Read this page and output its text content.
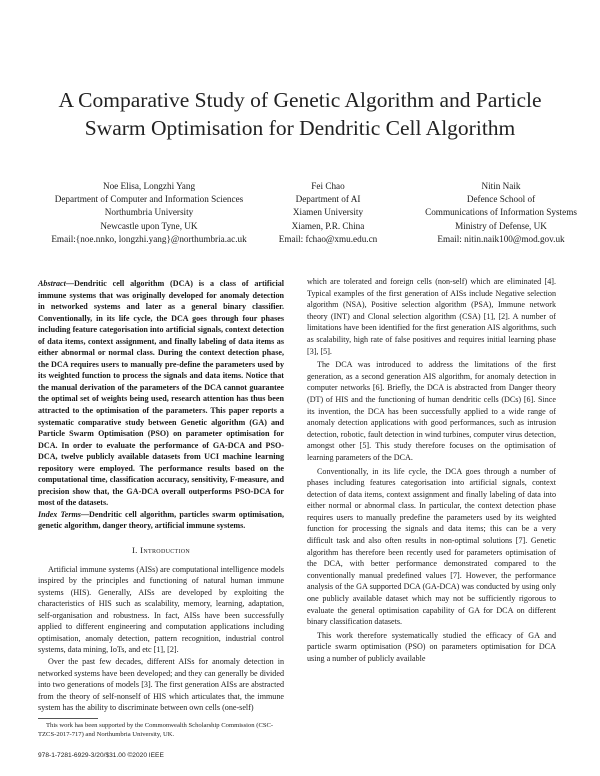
A Comparative Study of Genetic Algorithm and Particle Swarm Optimisation for Dendritic Cell Algorithm
Noe Elisa, Longzhi Yang
Department of Computer and Information Sciences
Northumbria University
Newcastle upon Tyne, UK
Email:{noe.nnko, longzhi.yang}@northumbria.ac.uk
Fei Chao
Department of AI
Xiamen University
Xiamen, P.R. China
Email: fchao@xmu.edu.cn
Nitin Naik
Defence School of
Communications of Information Systems
Ministry of Defense, UK
Email: nitin.naik100@mod.gov.uk
Abstract—Dendritic cell algorithm (DCA) is a class of artificial immune systems that was originally developed for anomaly detection in networked systems and later as a general binary classifier. Conventionally, in its life cycle, the DCA goes through four phases including feature categorisation into artificial signals, context detection of data items, context assignment, and finally labeling of data items as either abnormal or normal class. During the context detection phase, the DCA requires users to manually pre-define the parameters used by its weighted function to process the signals and data items. Notice that the manual derivation of the parameters of the DCA cannot guarantee the optimal set of weights being used, research attention has thus been attracted to the optimisation of the parameters. This paper reports a systematic comparative study between Genetic algorithm (GA) and Particle Swarm Optimisation (PSO) on parameter optimisation for DCA. In order to evaluate the performance of GA-DCA and PSO-DCA, twelve publicly available datasets from UCI machine learning repository were employed. The performance results based on the computational time, classification accuracy, sensitivity, F-measure, and precision show that, the GA-DCA overall outperforms PSO-DCA for most of the datasets.
Index Terms—Dendritic cell algorithm, particles swarm optimisation, genetic algorithm, danger theory, artificial immune systems.
I. Introduction

Artificial immune systems (AISs) are computational intelligence models inspired by the principles and functioning of natural human immune systems (HIS). Generally, AISs are developed by exploiting the characteristics of HIS such as scalability, memory, learning, adaptation, self-organisation and robustness. In fact, AISs have been successfully applied to different engineering and computation applications including optimisation, anomaly detection, pattern recognition, industrial control systems, data mining, IoTs, and etc [1], [2].

Over the past few decades, different AISs for anomaly detection in networked systems have been developed; and they can generally be divided into two generations of models [3]. The first generation AISs are abstracted from the theory of self-nonself of HIS which articulates that, the immune system has the ability to discriminate between own cells (one-self)

which are tolerated and foreign cells (non-self) which are eliminated [4]. Typical examples of the first generation of AISs include Negative selection algorithm (NSA), Positive selection algorithm (PSA), Immune network theory (INT) and Clonal selection algorithm (CSA) [1], [2]. A number of limitations have been identified for the first generation AIS algorithms, such as scalability, high rate of false positives and requires initial learning phase [3], [5].

The DCA was introduced to address the limitations of the first generation, as a second generation AIS algorithm, for anomaly detection in computer networks [6]. Briefly, the DCA is abstracted from Danger theory (DT) of HIS and the functioning of human dendritic cells (DCs) [6]. Since its invention, the DCA has been successfully applied to a wide range of anomaly detection applications with good performances, such as intrusion detection, robotic, fault detection in wind turbines, computer virus detection, amongst other [5]. This study therefore focuses on the optimisation of learning parameters of the DCA.

Conventionally, in its life cycle, the DCA goes through a number of phases including features categorisation into artificial signals, context detection of data items, context assignment and finally labeling of data into either normal or abnormal class. In particular, the context detection phase requires users to manually predefine the parameters used by its weighted function for processing the signals and data items; this can be a very difficult task and also often results in non-optimal solutions [7]. Genetic algorithm has therefore been recently used for parameters optimisation of the DCA, with better performance demonstrated compared to the conventionally manual predefined values [7]. However, the performance analysis of the GA supported DCA (GA-DCA) was conducted by using only one publicly available dataset which may not be sufficiently rigorous to evaluate the general optimisation capability of GA for DCA on different binary classification datasets.

This work therefore systematically studied the efficacy of GA and particle swarm optimisation (PSO) on parameters optimisation for DCA using a number of publicly available

This work has been supported by the Commonwealth Scholarship Commission (CSC-TZCS-2017-717) and Northumbria University, UK.
978-1-7281-6929-3/20/$31.00 ©2020 IEEE
